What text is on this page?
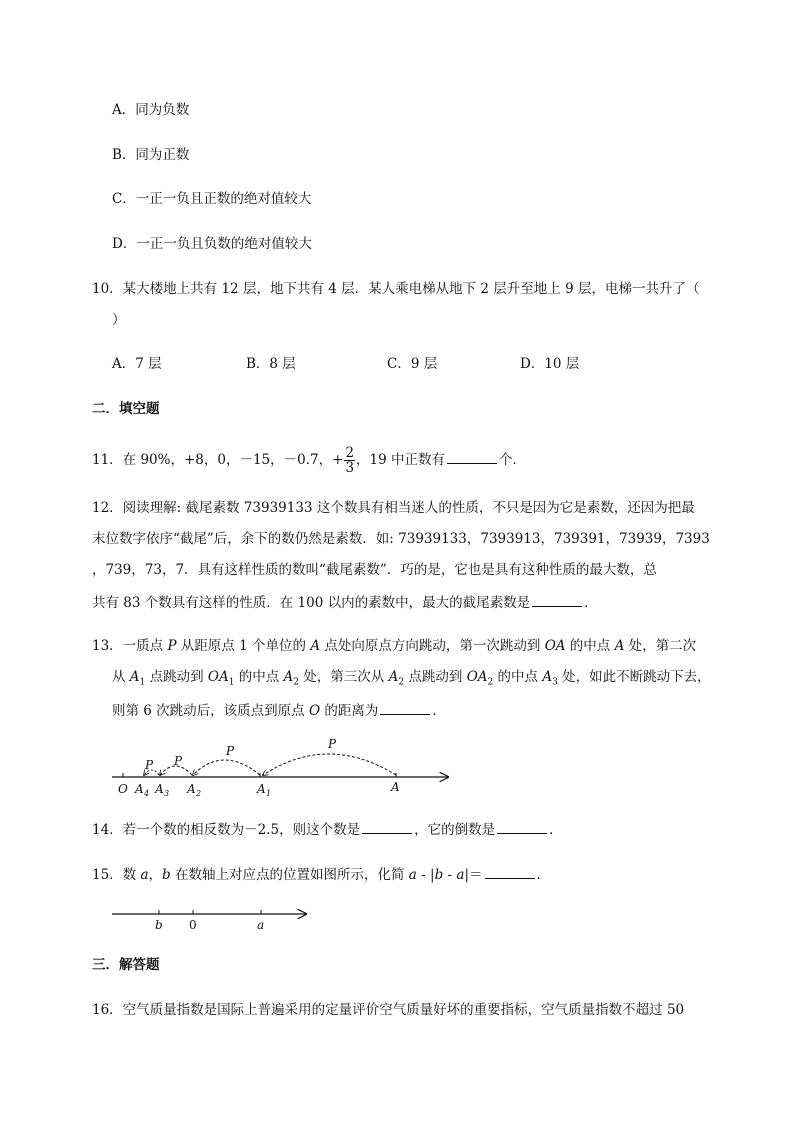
A．同为负数
B．同为正数
C．一正一负且正数的绝对值较大
D．一正一负且负数的绝对值较大
10．某大楼地上共有 12 层，地下共有 4 层．某人乘电梯从地下 2 层升至地上 9 层，电梯一共升了（
）
A．7 层	B．8 层	C．9 层	D．10 层
二．填空题
11．在 90%，+8，0，－15，－0.7，+ $\frac{2}{3}$ ，19 中正数有	个．
12．阅读理解: 截尾素数 73939133 这个数具有相当迷人的性质，不只是因为它是素数，还因为把最
末位数字依序“截尾”后，余下的数仍然是素数．如: 73939133，7393913，739391，73939，7393
，739，73，7．具有这样性质的数叫“截尾素数”．巧的是，它也是具有这种性质的最大数，总
共有 83 个数具有这样的性质．在 100 以内的素数中，最大的截尾素数是	．
13．一质点 P 从距原点 1 个单位的 A 点处向原点方向跳动，第一次跳动到 OA 的中点 A 处，第二次
从 $A_1$ 点跳动到 $OA_1$ 的中点 $A_2$ 处，第三次从 $A_2$ 点跳动到 $OA_2$ 的中点 $A_3$ 处，如此不断跳动下去，
则第 6 次跳动后，该质点到原点 O 的距离为	．
P
P
P
P
O A 4 A 3 A 2	A 1	A
14．若一个数的相反数为－2.5，则这个数是	，它的倒数是	．
15．数 a，b 在数轴上对应点的位置如图所示，化简 a - |b - a|＝	．
b 0	a
三．解答题
16．空气质量指数是国际上普遍采用的定量评价空气质量好坏的重要指标，空气质量指数不超过 50
